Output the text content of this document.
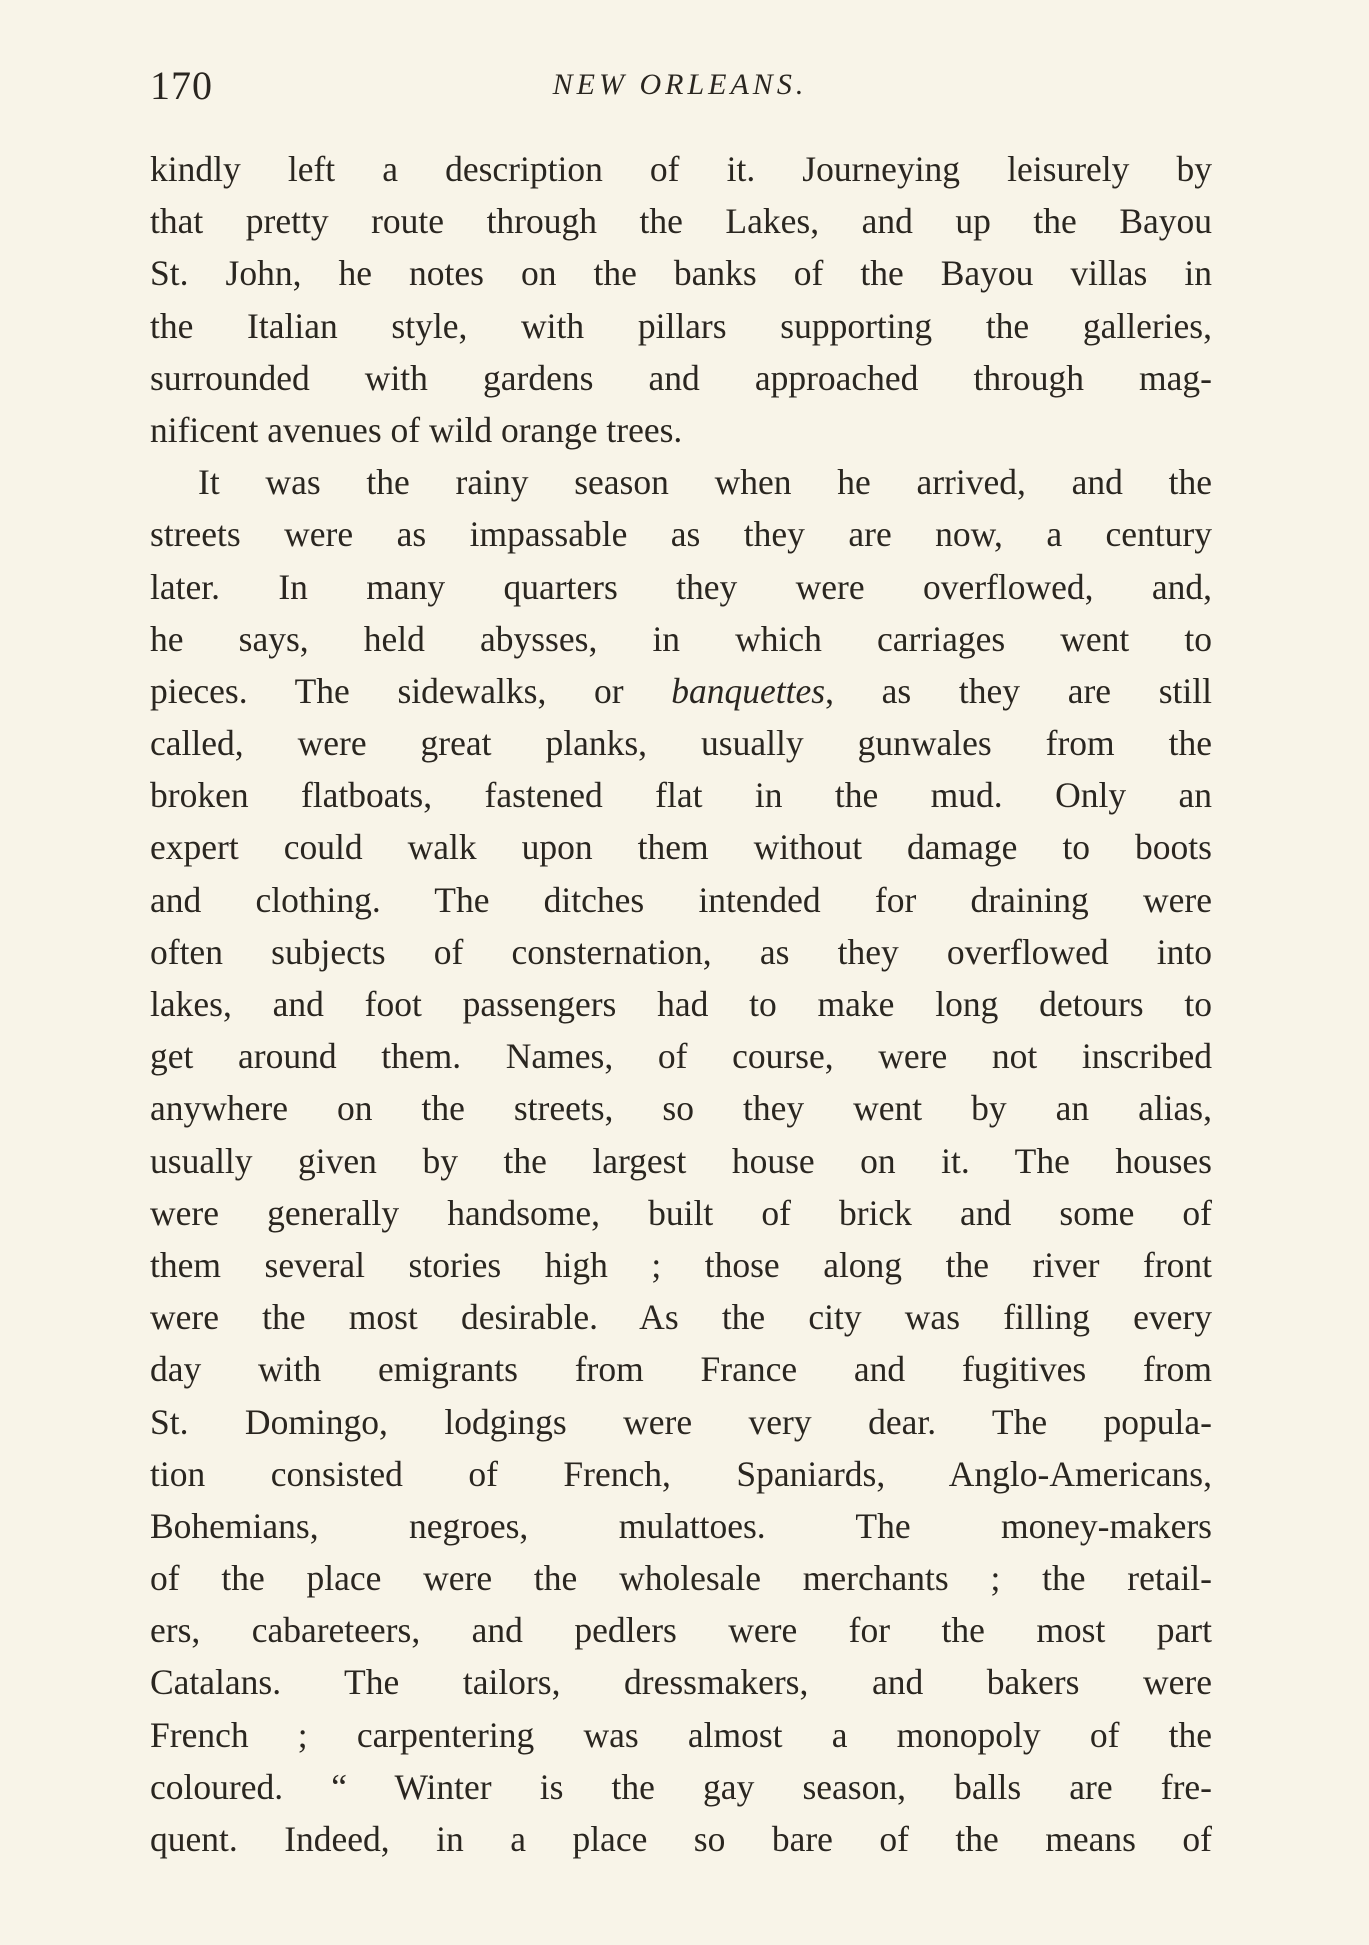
170	NEW ORLEANS.
kindly left a description of it. Journeying leisurely by
that pretty route through the Lakes, and up the Bayou
St. John, he notes on the banks of the Bayou villas in
the Italian style, with pillars supporting the galleries,
surrounded with gardens and approached through mag-
nificent avenues of wild orange trees.
It was the rainy season when he arrived, and the
streets were as impassable as they are now, a century
later. In many quarters they were overflowed, and,
he says, held abysses, in which carriages went to
pieces. The sidewalks, or banquettes, as they are still
called, were great planks, usually gunwales from the
broken flatboats, fastened flat in the mud. Only an
expert could walk upon them without damage to boots
and clothing. The ditches intended for draining were
often subjects of consternation, as they overflowed into
lakes, and foot passengers had to make long detours to
get around them. Names, of course, were not inscribed
anywhere on the streets, so they went by an alias,
usually given by the largest house on it. The houses
were generally handsome, built of brick and some of
them several stories high ; those along the river front
were the most desirable. As the city was filling every
day with emigrants from France and fugitives from
St. Domingo, lodgings were very dear. The popula-
tion consisted of French, Spaniards, Anglo-Americans,
Bohemians, negroes, mulattoes. The money-makers
of the place were the wholesale merchants ; the retail-
ers, cabareteers, and pedlers were for the most part
Catalans. The tailors, dressmakers, and bakers were
French ; carpentering was almost a monopoly of the
coloured. “ Winter is the gay season, balls are fre-
quent. Indeed, in a place so bare of the means of
